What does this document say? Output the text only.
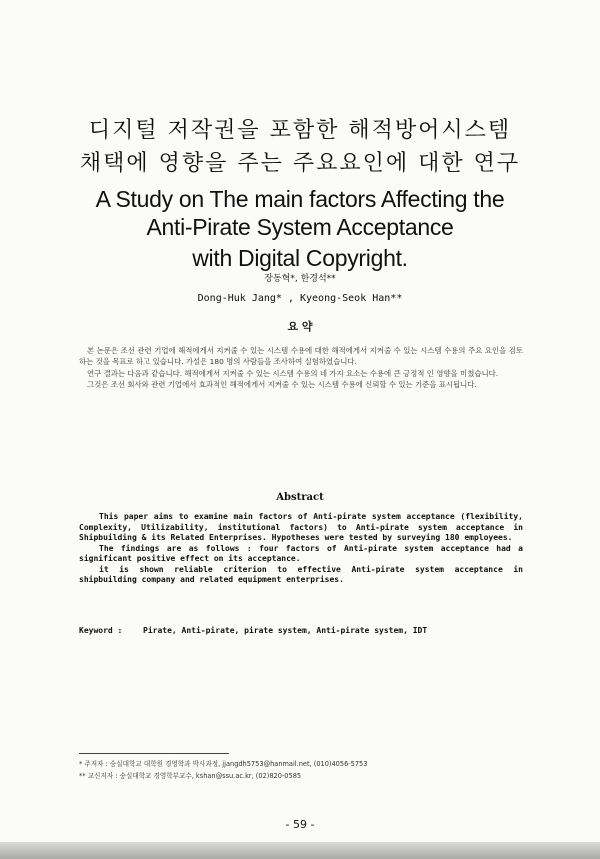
디지털 저작권을 포함한 해적방어시스템
채택에 영향을 주는 주요요인에 대한 연구
A Study on The main factors Affecting the
Anti-Pirate System Acceptance
with Digital Copyright.
장동혁*, 한경석**
Dong-Huk Jang* , Kyeong-Seok Han**
요 약

본 논문은 조선 관련 기업에 해적에게서 지켜줄 수 있는 시스템 수용에 대한 해적에게서 지켜줄 수 있는 시스템 수용의 주요 요인을 검토하는 것을 목표로 하고 있습니다. 가설은 180 명의 사람들을 조사하여 실험하였습니다.

연구 결과는 다음과 같습니다. 해적에게서 지켜줄 수 있는 시스템 수용의 네 가지 요소는 수용에 큰 긍정적 인 영향을 미쳤습니다.

그것은 조선 회사와 관련 기업에서 효과적인 해적에게서 지켜줄 수 있는 시스템 수용에 신뢰할 수 있는 기준을 표시됩니다.

Abstract

This paper aims to examine main factors of Anti-pirate system acceptance (flexibility, Complexity, Utilizability, institutional factors) to Anti-pirate system acceptance in Shipbuilding & its Related Enterprises. Hypotheses were tested by surveying 180 employees.

The findings are as follows : four factors of Anti-pirate system acceptance had a significant positive effect on its acceptance.

it is shown reliable criterion to effective Anti-pirate system acceptance in shipbuilding company and related equipment enterprises.

Keyword :	Pirate, Anti-pirate, pirate system, Anti-pirate system, IDT

* 주저자 : 숭실대학교 대학원 경영학과 박사과정, jjangdh5753@hanmail.net, (010)4056-5753

** 교신저자 : 숭실대학교 경영학부교수, kshan@ssu.ac.kr, (02)820-0585

- 59 -
